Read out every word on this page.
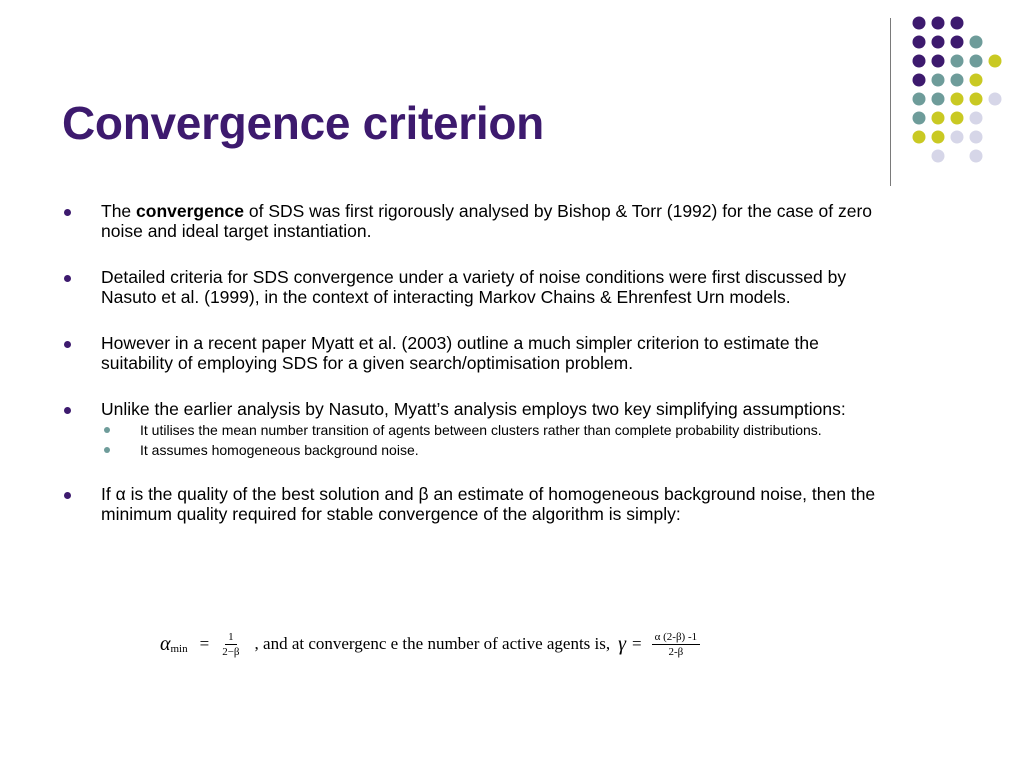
Convergence criterion
The convergence of SDS was first rigorously analysed by Bishop & Torr (1992) for the case of zero noise and ideal target instantiation.
Detailed criteria for SDS convergence under a variety of noise conditions were first discussed by Nasuto et al. (1999), in the context of interacting Markov Chains & Ehrenfest Urn models.
However in a recent paper Myatt et al. (2003) outline a much simpler criterion to estimate the suitability of employing SDS for a given search/optimisation problem.
Unlike the earlier analysis by Nasuto, Myatt’s analysis employs two key simplifying assumptions:
It utilises the mean number transition of agents between clusters rather than complete probability distributions.
It assumes homogeneous background noise.
If α is the quality of the best solution and β an estimate of homogeneous background noise, then the minimum quality required for stable convergence of the algorithm is simply:
α $\min = \frac{1}{2-\beta}$ , and at convergenc e the number of active agents is, $\gamma = \frac{\alpha (2-\beta) -1}{2-\beta}$
